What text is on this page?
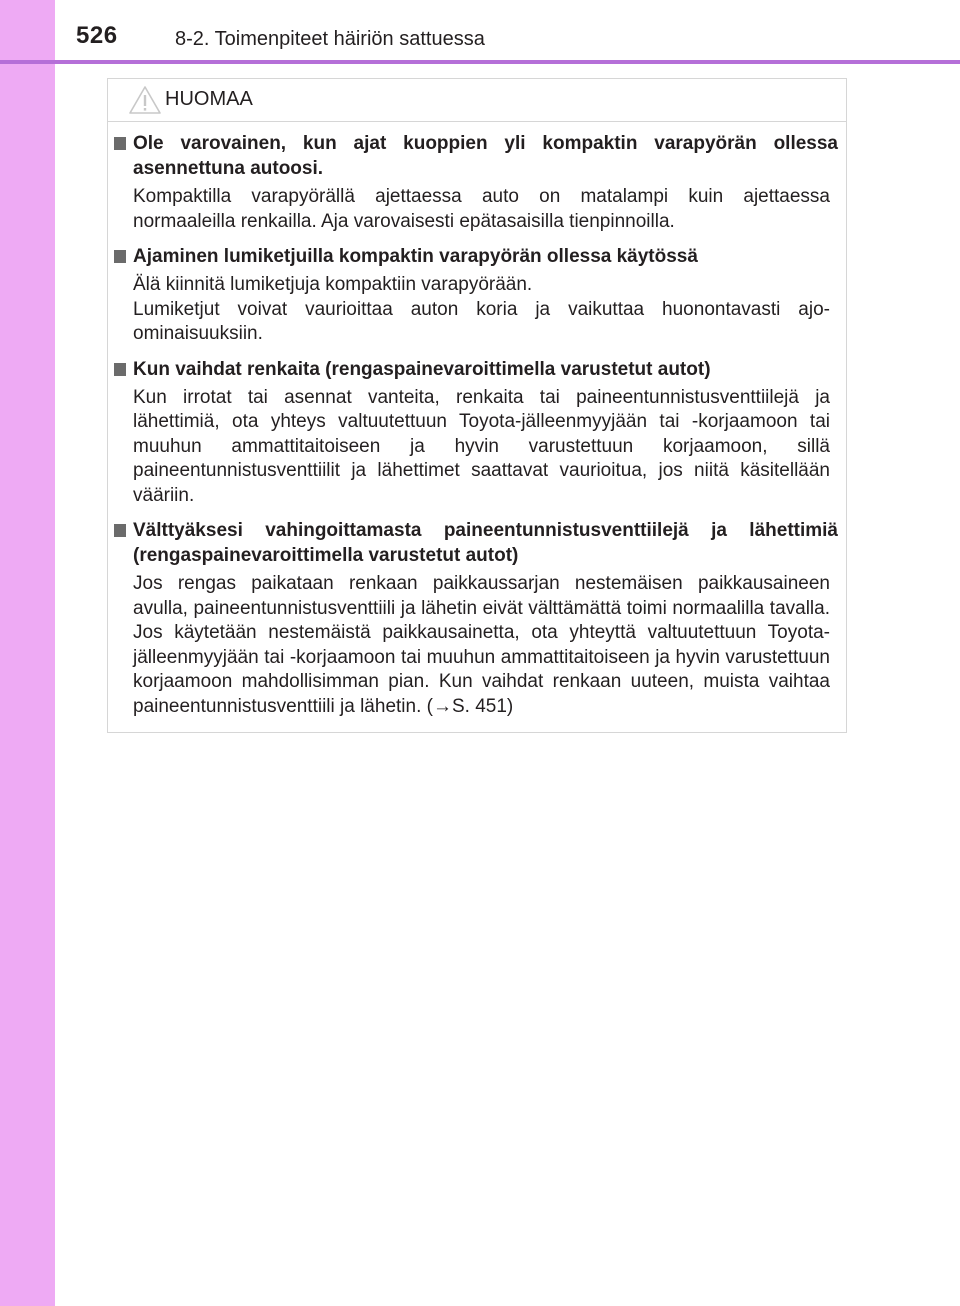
526	8-2. Toimenpiteet häiriön sattuessa
HUOMAA
Ole varovainen, kun ajat kuoppien yli kompaktin varapyörän ollessa asennettuna autoosi.
Kompaktilla varapyörällä ajettaessa auto on matalampi kuin ajettaessa normaaleilla renkailla. Aja varovaisesti epätasaisilla tienpinnoilla.
Ajaminen lumiketjuilla kompaktin varapyörän ollessa käytössä
Älä kiinnitä lumiketjuja kompaktiin varapyörään.
Lumiketjut voivat vaurioittaa auton koria ja vaikuttaa huonontavasti ajo-ominaisuuksiin.
Kun vaihdat renkaita (rengaspainevaroittimella varustetut autot)
Kun irrotat tai asennat vanteita, renkaita tai paineentunnistusventtiilejä ja lähettimiä, ota yhteys valtuutettuun Toyota-jälleenmyyjään tai -korjaamoon tai muuhun ammattitaitoiseen ja hyvin varustettuun korjaamoon, sillä paineentunnistusventtiilit ja lähettimet saattavat vaurioitua, jos niitä käsitellään vääriin.
Välttyäksesi vahingoittamasta paineentunnistusventtiilejä ja lähettimiä (rengaspainevaroittimella varustetut autot)
Jos rengas paikataan renkaan paikkaussarjan nestemäisen paikkausaineen avulla, paineentunnistusventtiili ja lähetin eivät välttämättä toimi normaalilla tavalla. Jos käytetään nestemäistä paikkausainetta, ota yhteyttä valtuutettuun Toyota-jälleenmyyjään tai -korjaamoon tai muuhun ammattitaitoiseen ja hyvin varustettuun korjaamoon mahdollisimman pian. Kun vaihdat renkaan uuteen, muista vaihtaa paineentunnistusventtiili ja lähetin. (→S. 451)
